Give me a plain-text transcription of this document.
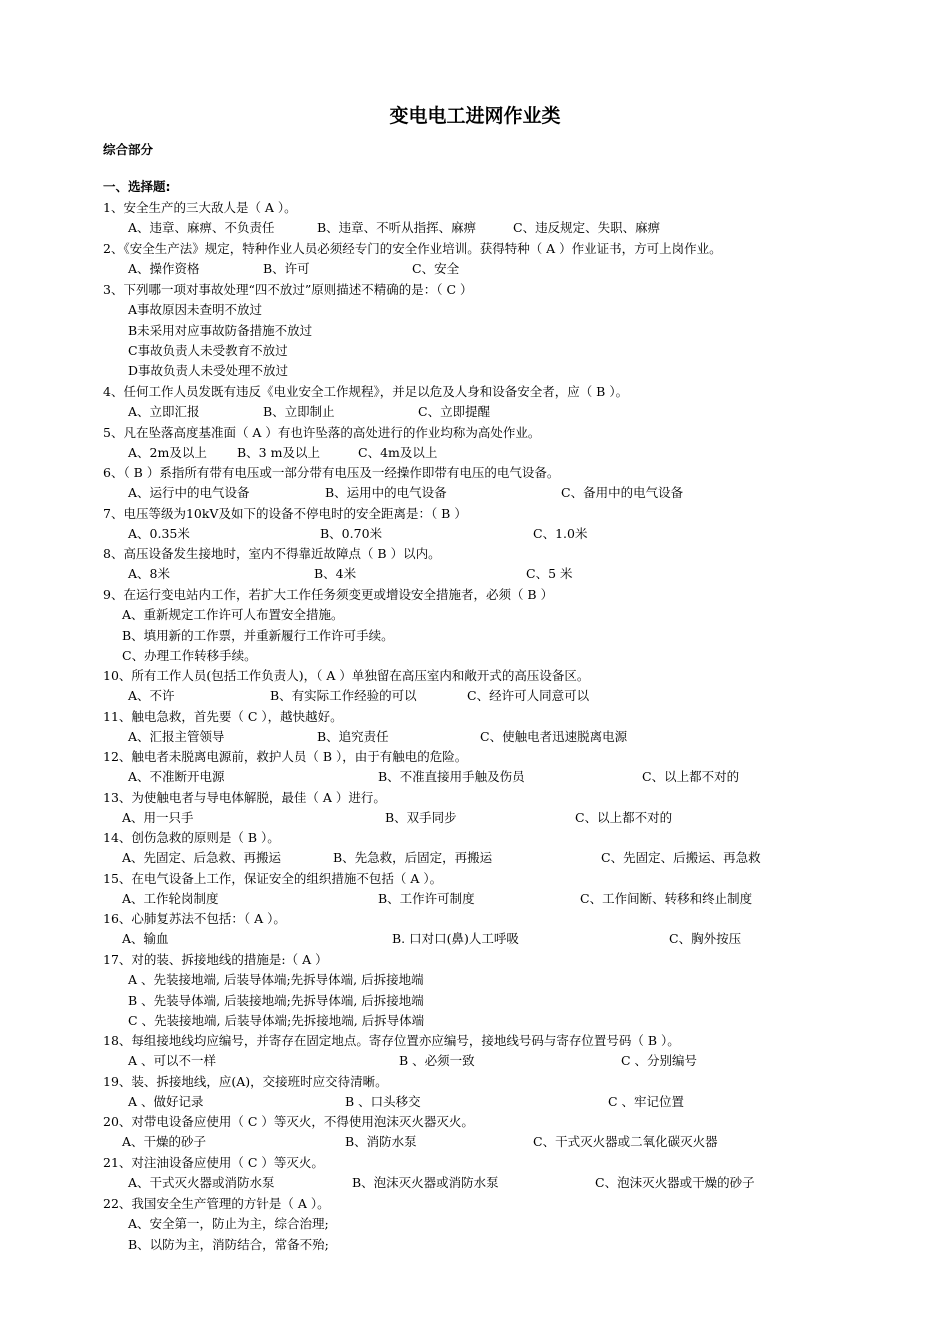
变电电工进网作业类
综合部分
一、选择题:
1、安全生产的三大敌人是（ A ）。
A、违章、麻痹、不负责任	B、违章、不听从指挥、麻痹	C、违反规定、失职、麻痹
2、《安全生产法》规定，特种作业人员必须经专门的安全作业培训。获得特种（ A ）作业证书，方可上岗作业。
A、操作资格	B、许可	C、安全
3、下列哪一项对事故处理“四不放过”原则描述不精确的是：（ C ）
A事故原因未查明不放过
B未采用对应事故防备措施不放过
C事故负责人未受教育不放过
D事故负责人未受处理不放过
4、任何工作人员发既有违反《电业安全工作规程》，并足以危及人身和设备安全者，应（ B ）。
A、立即汇报	B、立即制止	C、立即提醒
5、凡在坠落高度基准面（ A ）有也许坠落的高处进行的作业均称为高处作业。
A、2m及以上 B、3 m及以上	C、4m及以上
6、（ B ）系指所有带有电压或一部分带有电压及一经操作即带有电压的电气设备。
A、运行中的电气设备	B、运用中的电气设备	C、备用中的电气设备
7、电压等级为10kV及如下的设备不停电时的安全距离是：（ B ）
A、0.35米	B、0.70米	C、1.0米
8、高压设备发生接地时，室内不得靠近故障点（ B ）以内。
A、8米	B、4米	C、5 米
9、在运行变电站内工作，若扩大工作任务须变更或增设安全措施者，必须（ B ）
A、重新规定工作许可人布置安全措施。
B、填用新的工作票，并重新履行工作许可手续。
C、办理工作转移手续。
10、所有工作人员(包括工作负责人)，（ A ）单独留在高压室内和敞开式的高压设备区。
A、不许	B、有实际工作经验的可以	C、经许可人同意可以
11、触电急救，首先要（ C ），越快越好。
A、汇报主管领导	B、追究责任	C、使触电者迅速脱离电源
12、触电者未脱离电源前，救护人员（ B ），由于有触电的危险。
A、不准断开电源	B、不准直接用手触及伤员	C、以上都不对的
13、为使触电者与导电体解脱，最佳（ A ）进行。
A、用一只手	B、双手同步	C、以上都不对的
14、创伤急救的原则是（ B ）。
A、先固定、后急救、再搬运	B、先急救，后固定，再搬运	C、先固定、后搬运、再急救
15、在电气设备上工作，保证安全的组织措施不包括（ A ）。
A、工作轮岗制度	B、工作许可制度	C、工作间断、转移和终止制度
16、心肺复苏法不包括：（ A ）。
A、输血	B. 口对口(鼻)人工呼吸	C、胸外按压
17、对的装、拆接地线的措施是:（ A ）
A 、先装接地端, 后装导体端;先拆导体端, 后拆接地端
B 、先装导体端, 后装接地端;先拆导体端, 后拆接地端
C 、先装接地端, 后装导体端;先拆接地端, 后拆导体端
18、每组接地线均应编号，并寄存在固定地点。寄存位置亦应编号，接地线号码与寄存位置号码（ B ）。
A 、可以不一样	B 、必须一致	C 、分别编号
19、装、拆接地线，应(A)，交接班时应交待清晰。
A 、做好记录	B 、口头移交	C 、牢记位置
20、对带电设备应使用（ C ）等灭火，不得使用泡沫灭火器灭火。
A、干燥的砂子	B、消防水泵	C、干式灭火器或二氧化碳灭火器
21、对注油设备应使用（ C ）等灭火。
A、干式灭火器或消防水泵	B、泡沫灭火器或消防水泵	C、泡沫灭火器或干燥的砂子
22、我国安全生产管理的方针是（ A ）。
A、安全第一，防止为主，综合治理;
B、以防为主，消防结合，常备不殆;
